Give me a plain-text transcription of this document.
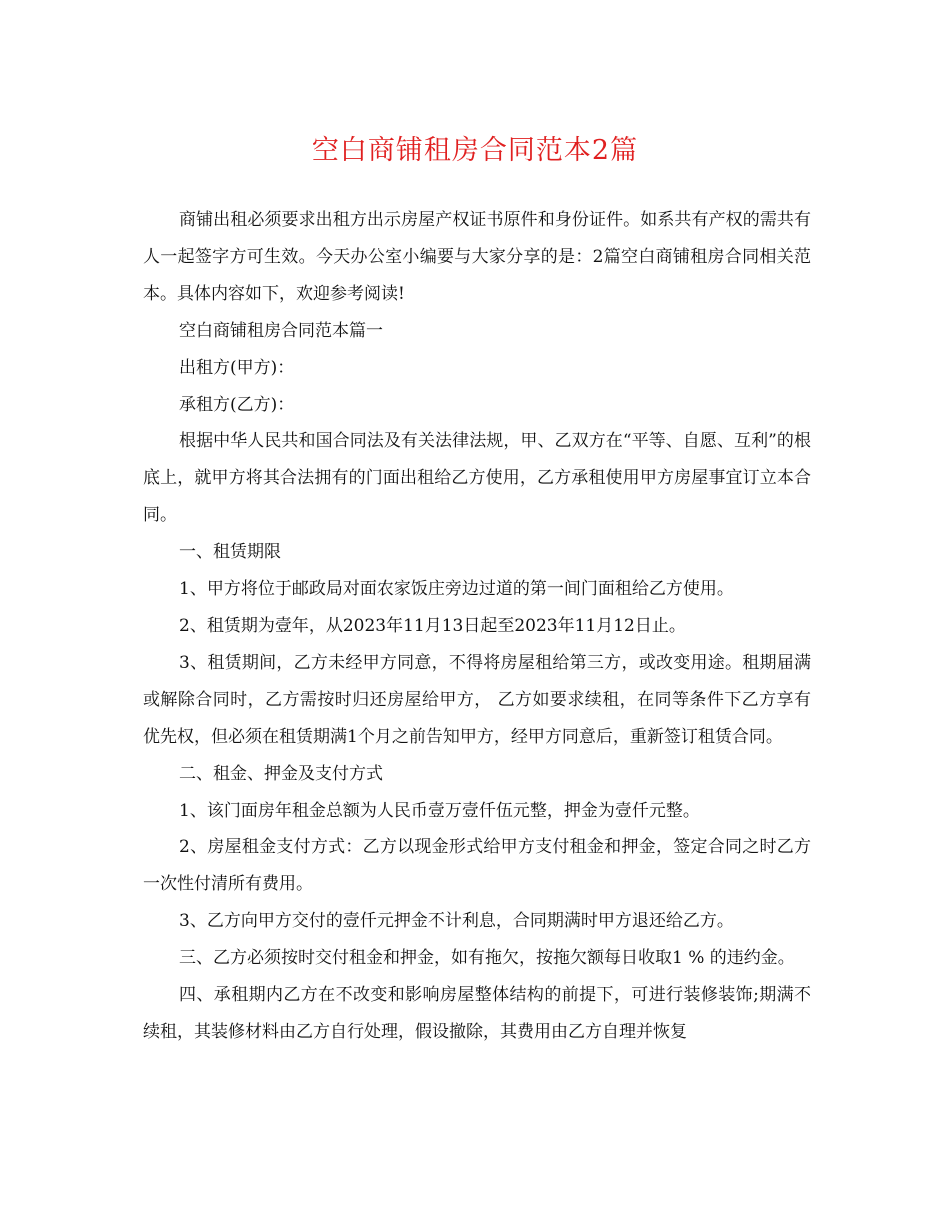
空白商铺租房合同范本2篇

商铺出租必须要求出租方出示房屋产权证书原件和身份证件。如系共有产权的需共有人一起签字方可生效。今天办公室小编要与大家分享的是：2篇空白商铺租房合同相关范本。具体内容如下，欢迎参考阅读!

空白商铺租房合同范本篇一

出租方(甲方)：

承租方(乙方)：

根据中华人民共和国合同法及有关法律法规，甲、乙双方在“平等、自愿、互利”的根底上，就甲方将其合法拥有的门面出租给乙方使用，乙方承租使用甲方房屋事宜订立本合同。

一、租赁期限

1、甲方将位于邮政局对面农家饭庄旁边过道的第一间门面租给乙方使用。

2、租赁期为壹年，从2023年11月13日起至2023年11月12日止。

3、租赁期间，乙方未经甲方同意，不得将房屋租给第三方，或改变用途。租期届满或解除合同时，乙方需按时归还房屋给甲方， 乙方如要求续租，在同等条件下乙方享有优先权，但必须在租赁期满1个月之前告知甲方，经甲方同意后，重新签订租赁合同。

二、租金、押金及支付方式

1、该门面房年租金总额为人民币壹万壹仟伍元整，押金为壹仟元整。

2、房屋租金支付方式：乙方以现金形式给甲方支付租金和押金，签定合同之时乙方一次性付清所有费用。

3、乙方向甲方交付的壹仟元押金不计利息，合同期满时甲方退还给乙方。

三、乙方必须按时交付租金和押金，如有拖欠，按拖欠额每日收取1 % 的违约金。

四、承租期内乙方在不改变和影响房屋整体结构的前提下，可进行装修装饰;期满不续租，其装修材料由乙方自行处理，假设撤除，其费用由乙方自理并恢复
